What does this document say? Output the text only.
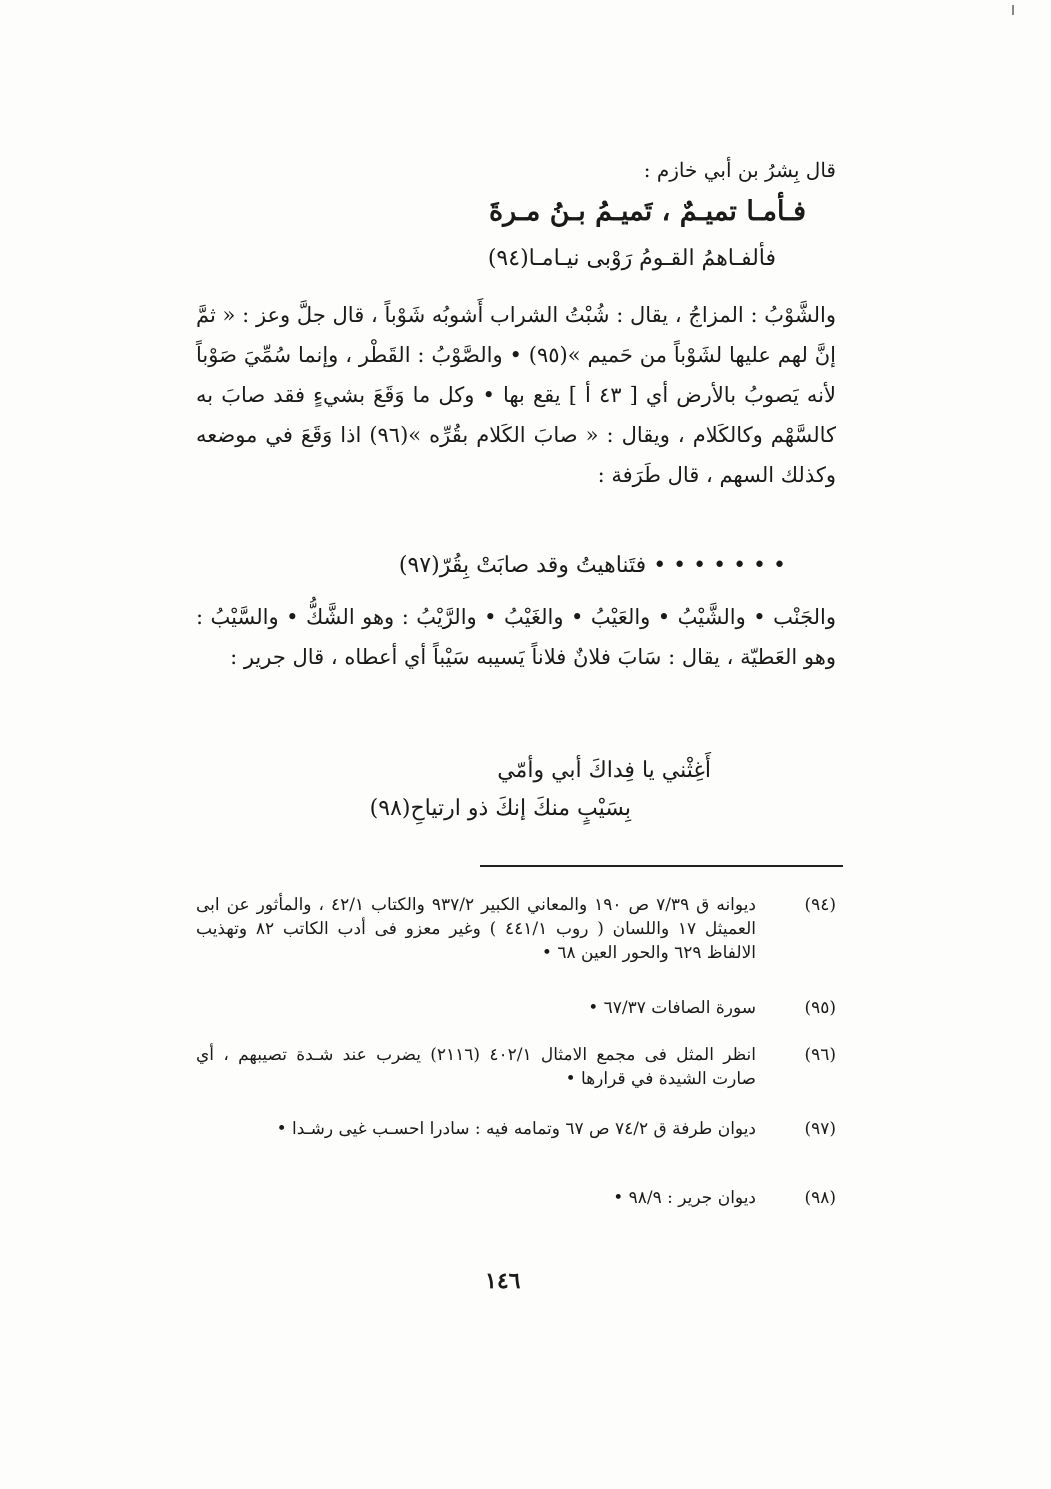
قال بِشرُ بن أبي خازم :
فـأمـا تميـمٌ ، تَميـمُ بـنُ مـرةَ
فألفـاهمُ القـومُ رَوْبى نيـامـا(٩٤)
والشَّوْبُ : المزاجُ ، يقال : شُبْتُ الشراب أَشوبُه شَوْباً ، قال جلَّ وعز : « ثمَّ إنَّ لهم عليها لشَوْباً من حَميم »(٩٥) • والصَّوْبُ : القَطْر ، وإنما سُمِّيَ صَوْباً لأنه يَصوبُ بالأرض أي [ ٤٣ أ ] يقع بها • وكل ما وَقَعَ بشيءٍ فقد صابَ به كالسَّهْم وكالكَلام ، ويقال : « صابَ الكَلام بقُرِّه »(٩٦) اذا وَقَعَ في موضعه وكذلك السهم ، قال طَرَفة :
• • • • • • • فتَناهيتُ وقد صابَتْ بِقُرّ(٩٧)
والجَنْب • والشَّيْبُ • والعَيْبُ • والغَيْبُ • والرَّيْبُ : وهو الشَّكُّ • والسَّيْبُ : وهو العَطيّة ، يقال : سَابَ فلانٌ فلاناً يَسيبه سَيْباً أي أعطاه ، قال جرير :
أَغِثْني يا فِداكَ أبي وأمّي
بِسَيْبٍ منكَ إنكَ ذو ارتياحِ(٩٨)
(٩٤)
ديوانه ق ٧/٣٩ ص ١٩٠ والمعاني الكبير ٩٣٧/٢ والكتاب ٤٢/١ ، والمأثور عن ابى العميثل ١٧ واللسان ( روب ٤٤١/١ ) وغير معزو فى أدب الكاتب ٨٢ وتهذيب الالفاظ ٦٢٩ والحور العين ٦٨ •
(٩٥)
سورة الصافات ٦٧/٣٧ •
(٩٦)
انظر المثل فى مجمع الامثال ٤٠٢/١ (٢١١٦) يضرب عند شـدة تصيبهم ، أي صارت الشيدة في قرارها •
(٩٧)
ديوان طرفة ق ٧٤/٢ ص ٦٧ وتمامه فيه : سادرا احسـب غيى رشـدا •
(٩٨)
ديوان جرير : ٩٨/٩ •
١٤٦
